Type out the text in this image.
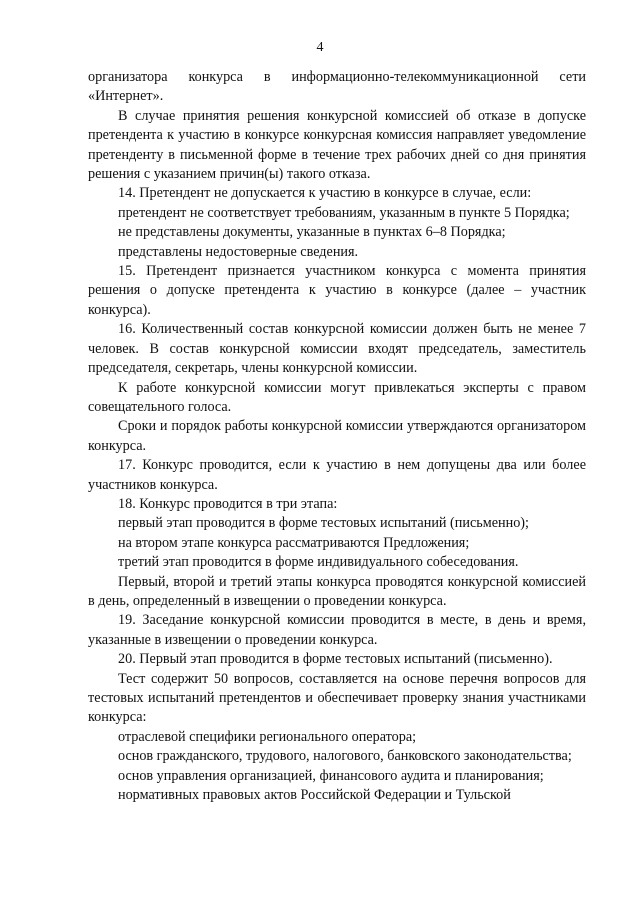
4

организатора конкурса в информационно-телекоммуникационной сети «Интернет».

В случае принятия решения конкурсной комиссией об отказе в допуске претендента к участию в конкурсе конкурсная комиссия направляет уведомление претенденту в письменной форме в течение трех рабочих дней со дня принятия решения с указанием причин(ы) такого отказа.

14. Претендент не допускается к участию в конкурсе в случае, если:

претендент не соответствует требованиям, указанным в пункте 5 Порядка;

не представлены документы, указанные в пунктах 6–8 Порядка;

представлены недостоверные сведения.

15. Претендент признается участником конкурса с момента принятия решения о допуске претендента к участию в конкурсе (далее – участник конкурса).

16. Количественный состав конкурсной комиссии должен быть не менее 7 человек. В состав конкурсной комиссии входят председатель, заместитель председателя, секретарь, члены конкурсной комиссии.

К работе конкурсной комиссии могут привлекаться эксперты с правом совещательного голоса.

Сроки и порядок работы конкурсной комиссии утверждаются организатором конкурса.

17. Конкурс проводится, если к участию в нем допущены два или более участников конкурса.

18. Конкурс проводится в три этапа:

первый этап проводится в форме тестовых испытаний (письменно);

на втором этапе конкурса рассматриваются Предложения;

третий этап проводится в форме индивидуального собеседования.

Первый, второй и третий этапы конкурса проводятся конкурсной комиссией в день, определенный в извещении о проведении конкурса.

19. Заседание конкурсной комиссии проводится в месте, в день и время, указанные в извещении о проведении конкурса.

20. Первый этап проводится в форме тестовых испытаний (письменно).

Тест содержит 50 вопросов, составляется на основе перечня вопросов для тестовых испытаний претендентов и обеспечивает проверку знания участниками конкурса:

отраслевой специфики регионального оператора;

основ гражданского, трудового, налогового, банковского законодательства;

основ управления организацией, финансового аудита и планирования;

нормативных правовых актов Российской Федерации и Тульской
